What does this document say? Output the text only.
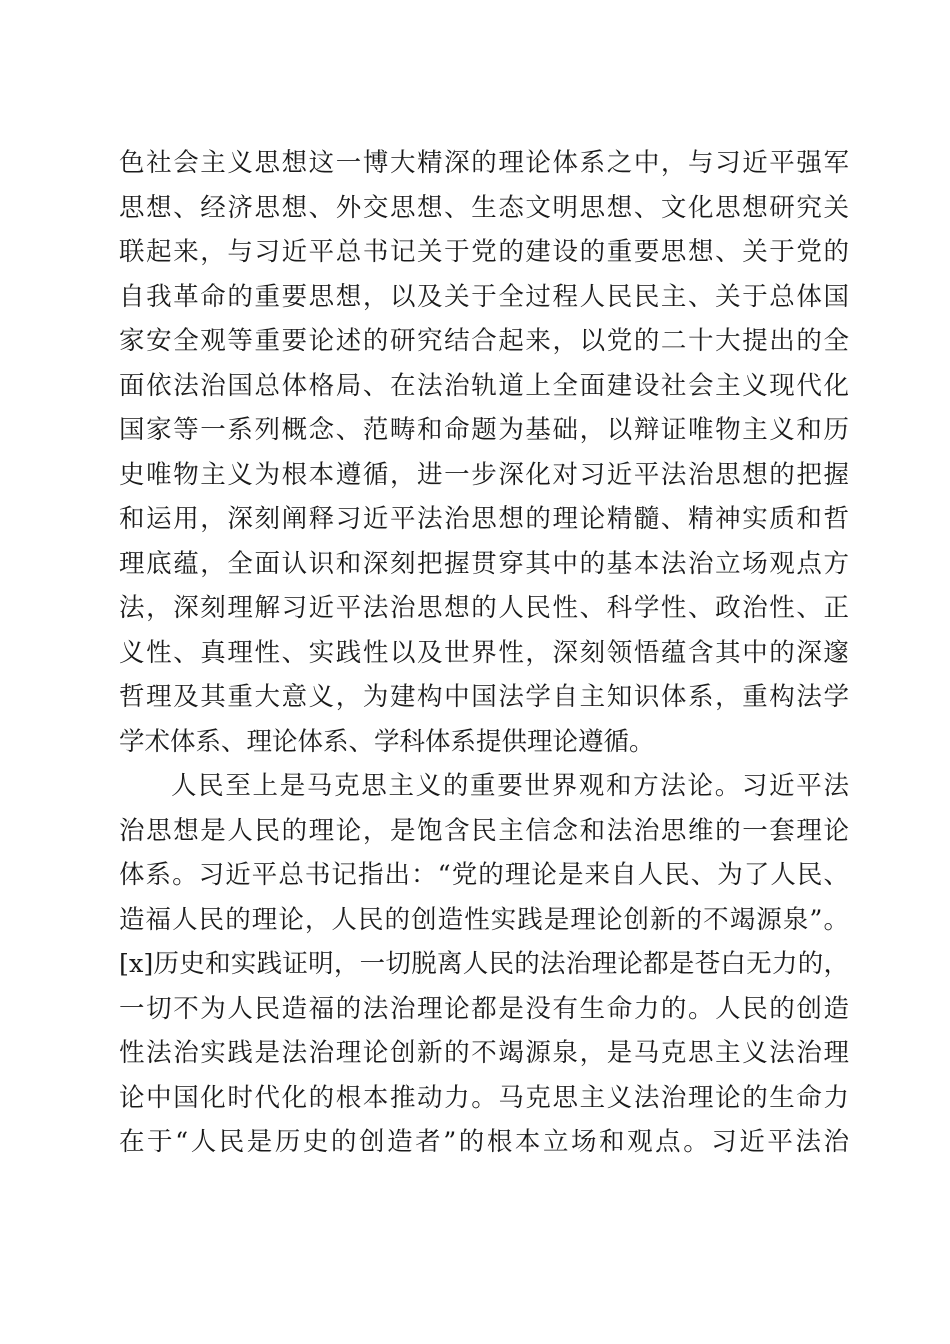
色社会主义思想这一博大精深的理论体系之中，与习近平强军
思想、经济思想、外交思想、生态文明思想、文化思想研究关
联起来，与习近平总书记关于党的建设的重要思想、关于党的
自我革命的重要思想，以及关于全过程人民民主、关于总体国
家安全观等重要论述的研究结合起来，以党的二十大提出的全
面依法治国总体格局、在法治轨道上全面建设社会主义现代化
国家等一系列概念、范畴和命题为基础，以辩证唯物主义和历
史唯物主义为根本遵循，进一步深化对习近平法治思想的把握
和运用，深刻阐释习近平法治思想的理论精髓、精神实质和哲
理底蕴，全面认识和深刻把握贯穿其中的基本法治立场观点方
法，深刻理解习近平法治思想的人民性、科学性、政治性、正
义性、真理性、实践性以及世界性，深刻领悟蕴含其中的深邃
哲理及其重大意义，为建构中国法学自主知识体系，重构法学
学术体系、理论体系、学科体系提供理论遵循。
人民至上是马克思主义的重要世界观和方法论。习近平法
治思想是人民的理论，是饱含民主信念和法治思维的一套理论
体系。习近平总书记指出：“党的理论是来自人民、为了人民、
造福人民的理论，人民的创造性实践是理论创新的不竭源泉”。
[x]历史和实践证明，一切脱离人民的法治理论都是苍白无力的，
一切不为人民造福的法治理论都是没有生命力的。人民的创造
性法治实践是法治理论创新的不竭源泉，是马克思主义法治理
论中国化时代化的根本推动力。马克思主义法治理论的生命力
在于“人民是历史的创造者”的根本立场和观点。习近平法治
